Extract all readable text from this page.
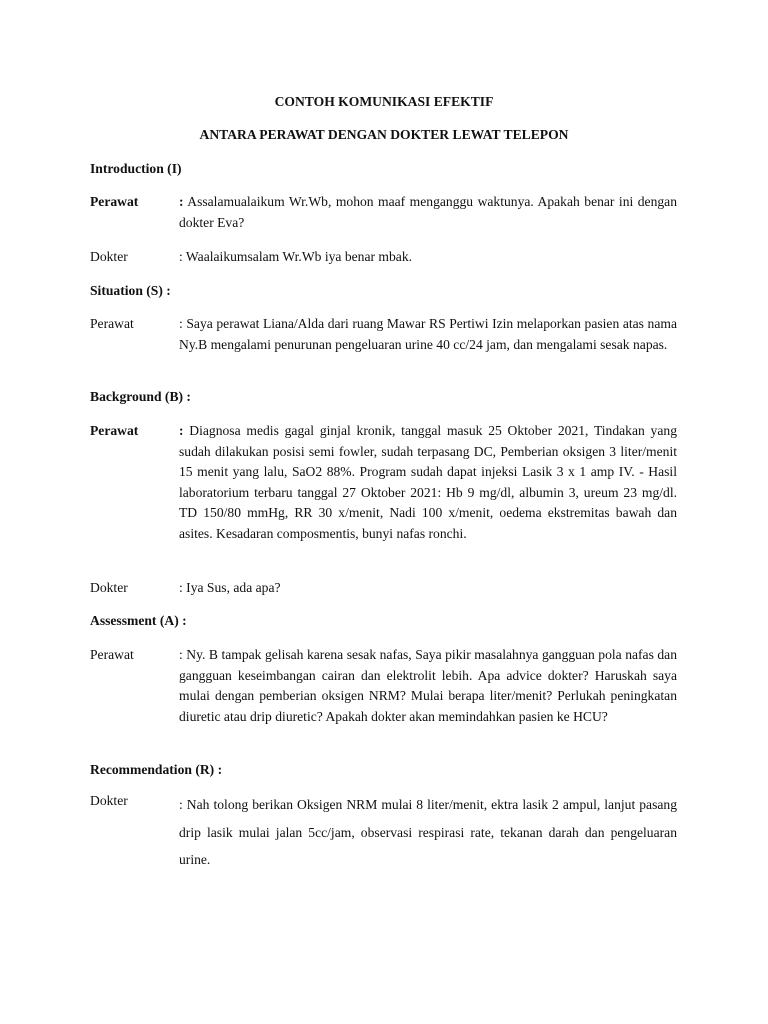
CONTOH KOMUNIKASI EFEKTIF
ANTARA PERAWAT DENGAN DOKTER LEWAT TELEPON
Introduction (I)
Perawat	: Assalamualaikum Wr.Wb, mohon maaf menganggu waktunya. Apakah benar ini dengan dokter Eva?
Dokter	: Waalaikumsalam Wr.Wb iya benar mbak.
Situation (S) :
Perawat	: Saya perawat Liana/Alda dari ruang Mawar RS Pertiwi Izin melaporkan pasien atas nama Ny.B mengalami penurunan pengeluaran urine 40 cc/24 jam, dan mengalami sesak napas.
Background (B) :
Perawat	: Diagnosa medis gagal ginjal kronik, tanggal masuk 25 Oktober 2021, Tindakan yang sudah dilakukan posisi semi fowler, sudah terpasang DC, Pemberian oksigen 3 liter/menit 15 menit yang lalu, SaO2 88%. Program sudah dapat injeksi Lasik 3 x 1 amp IV. - Hasil laboratorium terbaru tanggal 27 Oktober 2021: Hb 9 mg/dl, albumin 3, ureum 23 mg/dl. TD 150/80 mmHg, RR 30 x/menit, Nadi 100 x/menit, oedema ekstremitas bawah dan asites. Kesadaran composmentis, bunyi nafas ronchi.
Dokter	: Iya Sus, ada apa?
Assessment (A) :
Perawat	: Ny. B tampak gelisah karena sesak nafas, Saya pikir masalahnya gangguan pola nafas dan gangguan keseimbangan cairan dan elektrolit lebih. Apa advice dokter? Haruskah saya mulai dengan pemberian oksigen NRM? Mulai berapa liter/menit? Perlukah peningkatan diuretic atau drip diuretic? Apakah dokter akan memindahkan pasien ke HCU?
Recommendation (R) :
Dokter	: Nah tolong berikan Oksigen NRM mulai 8 liter/menit, ektra lasik 2 ampul, lanjut pasang drip lasik mulai jalan 5cc/jam, observasi respirasi rate, tekanan darah dan pengeluaran urine.
